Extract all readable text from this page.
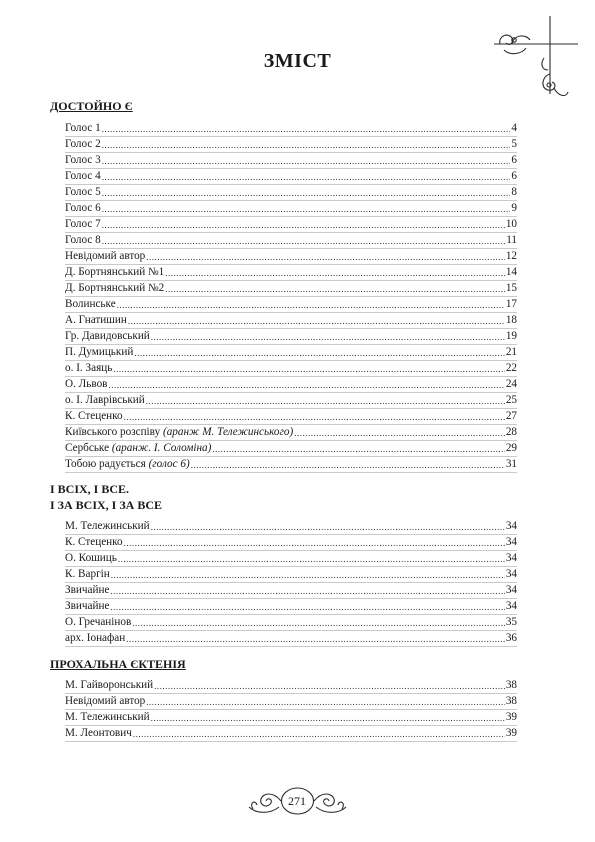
ЗМІСТ
ДОСТОЙНО Є
Голос 1 .....	4
Голос 2 .....	5
Голос 3 .....	6
Голос 4 .....	6
Голос 5 .....	8
Голос 6 .....	9
Голос 7 .....	10
Голос 8 .....	11
Невідомий автор .....	12
Д. Бортнянський №1 .....	14
Д. Бортнянський №2 .....	15
Волинське .....	17
А. Гнатишин .....	18
Гр. Давидовський .....	19
П. Думицький .....	21
о. І. Заяць .....	22
О. Львов .....	24
о. І. Лаврівський .....	25
К. Стеценко .....	27
Київського розспіву (аранж М. Тележинського) .....	28
Сербське (аранж. І. Соломіна) .....	29
Тобою радується (голос 6) .....	31
І ВСІХ, І ВСЕ.
І ЗА ВСІХ, І ЗА ВСЕ
М. Тележинський .....	34
К. Стеценко .....	34
О. Кошиць .....	34
К. Варгін .....	34
Звичайне .....	34
Звичайне .....	34
О. Гречанінов .....	35
арх. Іонафан .....	36
ПРОХАЛЬНА ЄКТЕНІЯ
М. Гайворонський .....	38
Невідомий автор .....	38
М. Тележинський .....	39
М. Леонтович .....	39
271
